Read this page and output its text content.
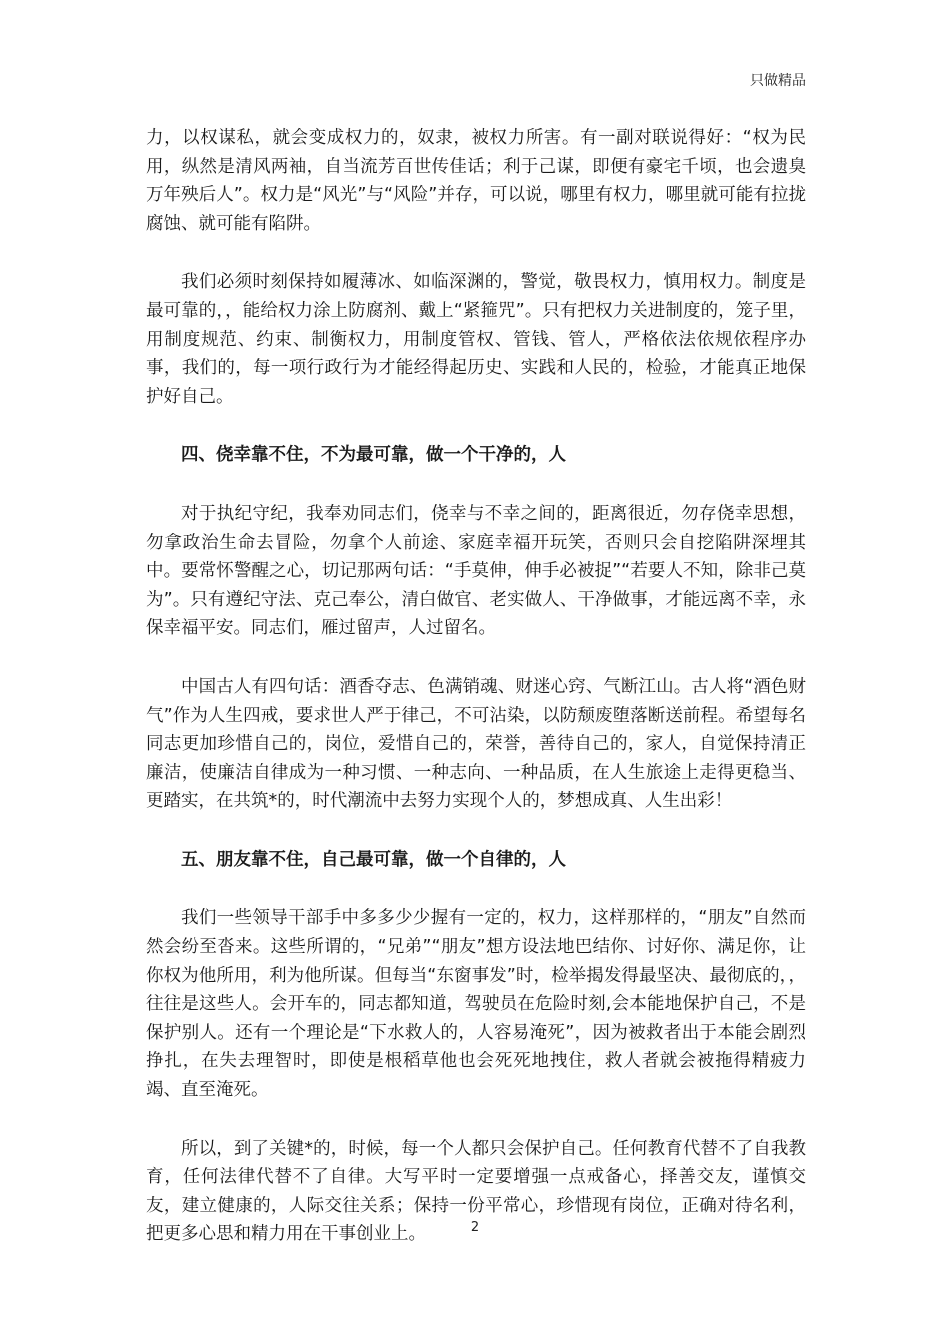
只做精品

力，以权谋私，就会变成权力的，奴隶，被权力所害。有一副对联说得好：“权为民用，纵然是清风两袖，自当流芳百世传佳话；利于己谋，即便有豪宅千顷，也会遗臭万年殃后人”。权力是“风光”与“风险”并存，可以说，哪里有权力，哪里就可能有拉拢腐蚀、就可能有陷阱。

我们必须时刻保持如履薄冰、如临深渊的，警觉，敬畏权力，慎用权力。制度是最可靠的，，能给权力涂上防腐剂、戴上“紧箍咒”。只有把权力关进制度的，笼子里，用制度规范、约束、制衡权力，用制度管权、管钱、管人，严格依法依规依程序办事，我们的，每一项行政行为才能经得起历史、实践和人民的，检验，才能真正地保护好自己。

四、侥幸靠不住，不为最可靠，做一个干净的，人

对于执纪守纪，我奉劝同志们，侥幸与不幸之间的，距离很近，勿存侥幸思想，勿拿政治生命去冒险，勿拿个人前途、家庭幸福开玩笑，否则只会自挖陷阱深埋其中。要常怀警醒之心，切记那两句话：“手莫伸，伸手必被捉”“若要人不知，除非己莫为”。只有遵纪守法、克己奉公，清白做官、老实做人、干净做事，才能远离不幸，永保幸福平安。同志们，雁过留声，人过留名。

中国古人有四句话：酒香夺志、色满销魂、财迷心窍、气断江山。古人将“酒色财气”作为人生四戒，要求世人严于律己，不可沾染，以防颓废堕落断送前程。希望每名同志更加珍惜自己的，岗位，爱惜自己的，荣誉，善待自己的，家人，自觉保持清正廉洁，使廉洁自律成为一种习惯、一种志向、一种品质，在人生旅途上走得更稳当、更踏实，在共筑*的，时代潮流中去努力实现个人的，梦想成真、人生出彩！

五、朋友靠不住，自己最可靠，做一个自律的，人

我们一些领导干部手中多多少少握有一定的，权力，这样那样的，“朋友”自然而然会纷至沓来。这些所谓的，“兄弟”“朋友”想方设法地巴结你、讨好你、满足你，让你权为他所用，利为他所谋。但每当“东窗事发”时，检举揭发得最坚决、最彻底的，，往往是这些人。会开车的，同志都知道，驾驶员在危险时刻,会本能地保护自己，不是保护别人。还有一个理论是“下水救人的，人容易淹死”，因为被救者出于本能会剧烈挣扎，在失去理智时，即使是根稻草他也会死死地拽住，救人者就会被拖得精疲力竭、直至淹死。

所以，到了关键*的，时候，每一个人都只会保护自己。任何教育代替不了自我教育，任何法律代替不了自律。大写平时一定要增强一点戒备心，择善交友，谨慎交友，建立健康的，人际交往关系；保持一份平常心，珍惜现有岗位，正确对待名利，把更多心思和精力用在干事创业上。	2
